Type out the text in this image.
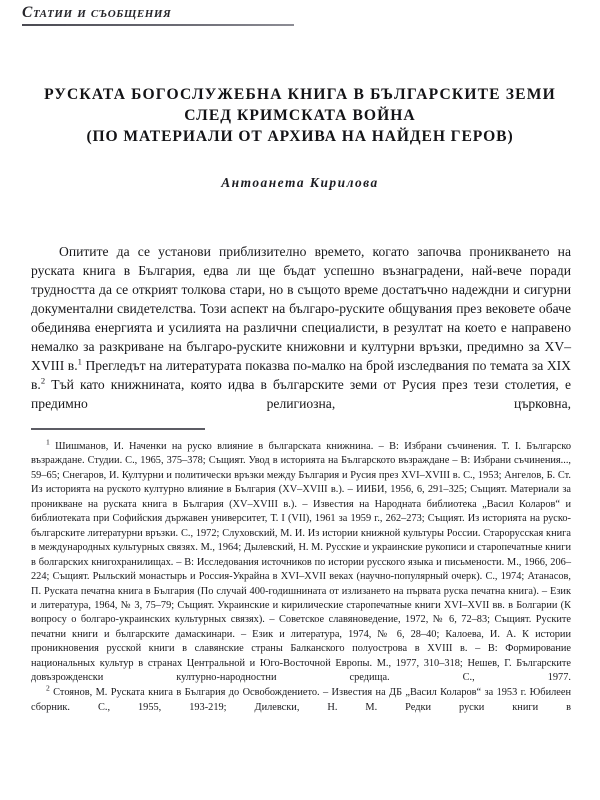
Статии и съобщения
РУСКАТА БОГОСЛУЖЕБНА КНИГА В БЪЛГАРСКИТЕ ЗЕМИ
СЛЕД КРИМСКАТА ВОЙНА
(ПО МАТЕРИАЛИ ОТ АРХИВА НА НАЙДЕН ГЕРОВ)
Антоанета Кирилова

Опитите да се установи приблизително времето, когато започва проникването на руската книга в България, едва ли ще бъдат успешно възнаградени, най-вече поради трудността да се открият толкова стари, но в същото време достатъчно надеждни и сигурни документални свидетелства. Този аспект на българо-руските общувания през вековете обаче обединява енергията и усилията на различни специалисти, в резултат на което е направено немалко за разкриване на българо-руските книжовни и културни връзки, предимно за XV–XVIII в.$^1$ Прегледът на литературата показва по-малко на брой изследвания по темата за XIX в.$^2$ Тъй като книжнината, която идва в българските земи от Русия през тези столетия, е предимно религиозна, църковна,

$^1$ Шишманов, И. Наченки на руско влияние в българската книжнина. – В: Избрани съчинения. Т. I. Българско възраждане. Студии. С., 1965, 375–378; Същият. Увод в историята на Българското възраждане – В: Избрани съчинения..., 59–65; Снегаров, И. Културни и политически връзки между България и Русия през XVI–XVIII в. С., 1953; Ангелов, Б. Ст. Из историята на руското културно влияние в България (XV–XVIII в.). – ИИБИ, 1956, 6, 291–325; Същият. Материали за проникване на руската книга в България (XV–XVIII в.). – Известия на Народната библиотека „Васил Коларов“ и библиотеката при Софийския държавен университет, Т. I (VII), 1961 за 1959 г., 262–273; Същият. Из историята на руско-българските литературни връзки. С., 1972; Слуховский, М. И. Из истории книжной культуры России. Старорусская книга в международных культурных связях. М., 1964; Дылевский, Н. М. Русские и украинские рукописи и старопечатные книги в болгарских книгохранилищах. – В: Исследования источников по истории русского языка и письмености. М., 1966, 206–224; Същият. Рыльский монастырь и Россия-Украйна в XVI–XVII веках (научно-популярный очерк). С., 1974; Атанасов, П. Руската печатна книга в България (По случай 400-годишнината от излизането на първата руска печатна книга). – Език и литература, 1964, № 3, 75–79; Същият. Украинские и кирилические старопечатные книги XVI–XVII вв. в Болгарии (К вопросу о болгаро-украинских культурных связях). – Советское славяноведение, 1972, № 6, 72–83; Същият. Руските печатни книги и българските дамаскинари. – Език и литература, 1974, № 6, 28–40; Калоева, И. А. К истории проникновения русской книги в славянские страны Балканского полуострова в XVIII в. – В: Формирование национальных культур в странах Центральной и Юго-Восточной Европы. М., 1977, 310–318; Нешев, Г. Българските довъзрожденски културно-народностни средища. С., 1977.

$^2$ Стоянов, М. Руската книга в България до Освобождението. – Известия на ДБ „Васил Коларов“ за 1953 г. Юбилеен сборник. С., 1955, 193-219; Дилевски, Н. М. Редки руски книги в
